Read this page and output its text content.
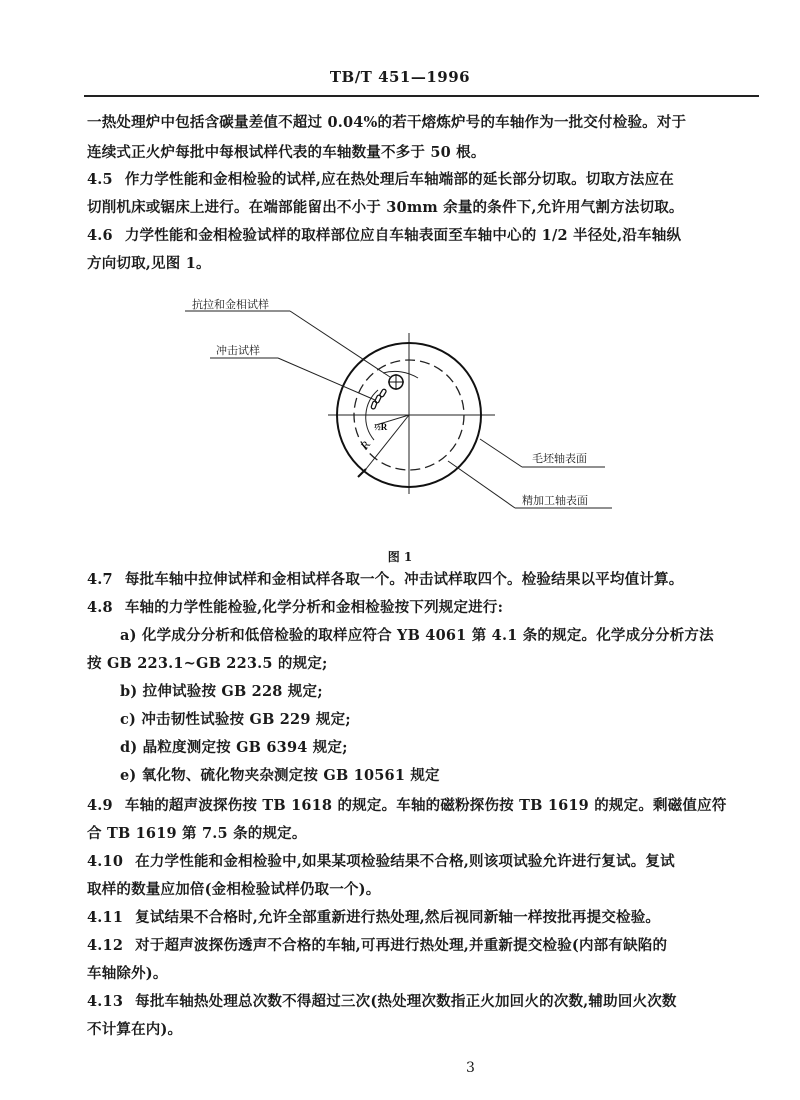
TB/T 451—1996
一热处理炉中包括含碳量差值不超过 0.04%的若干熔炼炉号的车轴作为一批交付检验。对于
连续式正火炉每批中每根试样代表的车轴数量不多于 50 根。
4.5 作力学性能和金相检验的试样,应在热处理后车轴端部的延长部分切取。切取方法应在
切削机床或锯床上进行。在端部能留出不小于 30mm 余量的条件下,允许用气割方法切取。
4.6 力学性能和金相检验试样的取样部位应自车轴表面至车轴中心的 1/2 半径处,沿车轴纵
方向切取,见图 1。
R
½R
抗拉和金相试样
冲击试样
毛坯轴表面
精加工轴表面
图 1
4.7 每批车轴中拉伸试样和金相试样各取一个。冲击试样取四个。检验结果以平均值计算。
4.8 车轴的力学性能检验,化学分析和金相检验按下列规定进行:
a) 化学成分分析和低倍检验的取样应符合 YB 4061 第 4.1 条的规定。化学成分分析方法
按 GB 223.1~GB 223.5 的规定;
b) 拉伸试验按 GB 228 规定;
c) 冲击韧性试验按 GB 229 规定;
d) 晶粒度测定按 GB 6394 规定;
e) 氧化物、硫化物夹杂测定按 GB 10561 规定
4.9 车轴的超声波探伤按 TB 1618 的规定。车轴的磁粉探伤按 TB 1619 的规定。剩磁值应符
合 TB 1619 第 7.5 条的规定。
4.10 在力学性能和金相检验中,如果某项检验结果不合格,则该项试验允许进行复试。复试
取样的数量应加倍(金相检验试样仍取一个)。
4.11 复试结果不合格时,允许全部重新进行热处理,然后视同新轴一样按批再提交检验。
4.12 对于超声波探伤透声不合格的车轴,可再进行热处理,并重新提交检验(内部有缺陷的
车轴除外)。
4.13 每批车轴热处理总次数不得超过三次(热处理次数指正火加回火的次数,辅助回火次数
不计算在内)。
3
